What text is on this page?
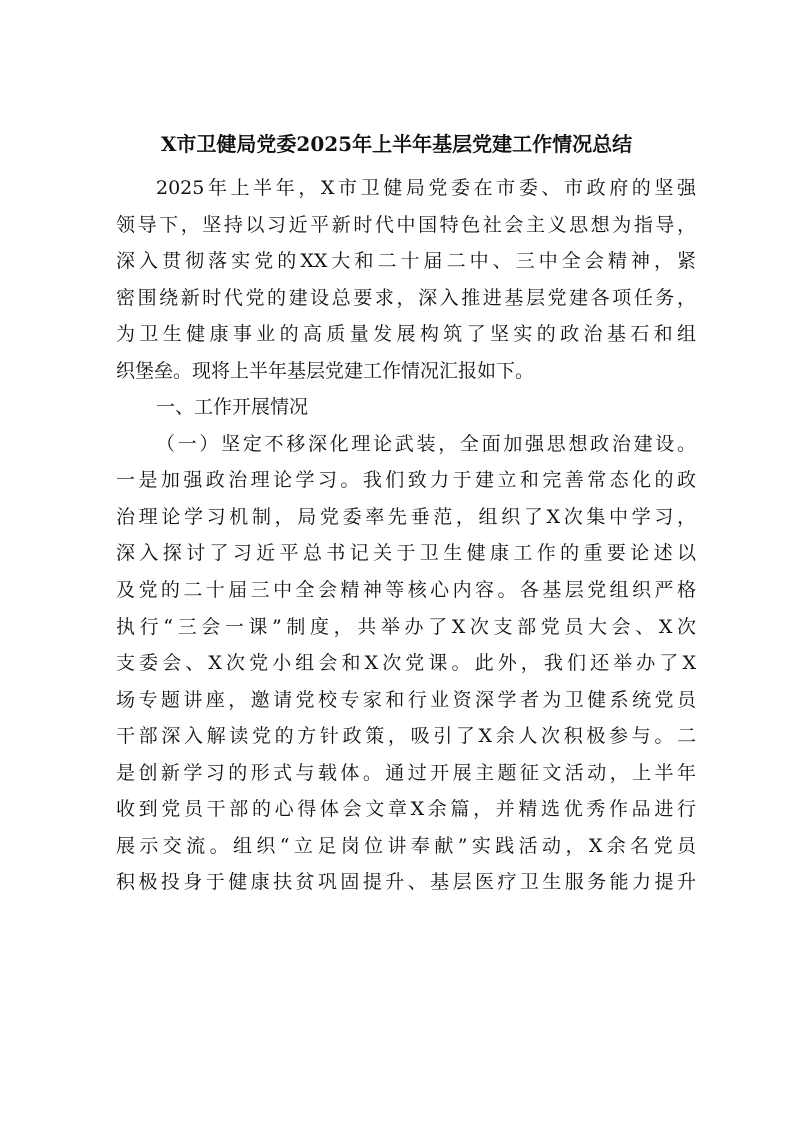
X市卫健局党委2025年上半年基层党建工作情况总结
2025年上半年，X市卫健局党委在市委、市政府的坚强
领导下，坚持以习近平新时代中国特色社会主义思想为指导，
深入贯彻落实党的XX大和二十届二中、三中全会精神，紧
密围绕新时代党的建设总要求，深入推进基层党建各项任务，
为卫生健康事业的高质量发展构筑了坚实的政治基石和组
织堡垒。现将上半年基层党建工作情况汇报如下。
一、工作开展情况
（一）坚定不移深化理论武装，全面加强思想政治建设。
一是加强政治理论学习。我们致力于建立和完善常态化的政
治理论学习机制，局党委率先垂范，组织了X次集中学习，
深入探讨了习近平总书记关于卫生健康工作的重要论述以
及党的二十届三中全会精神等核心内容。各基层党组织严格
执行“三会一课”制度，共举办了X次支部党员大会、X次
支委会、X次党小组会和X次党课。此外，我们还举办了X
场专题讲座，邀请党校专家和行业资深学者为卫健系统党员
干部深入解读党的方针政策，吸引了X余人次积极参与。二
是创新学习的形式与载体。通过开展主题征文活动，上半年
收到党员干部的心得体会文章X余篇，并精选优秀作品进行
展示交流。组织“立足岗位讲奉献”实践活动，X余名党员
积极投身于健康扶贫巩固提升、基层医疗卫生服务能力提升
